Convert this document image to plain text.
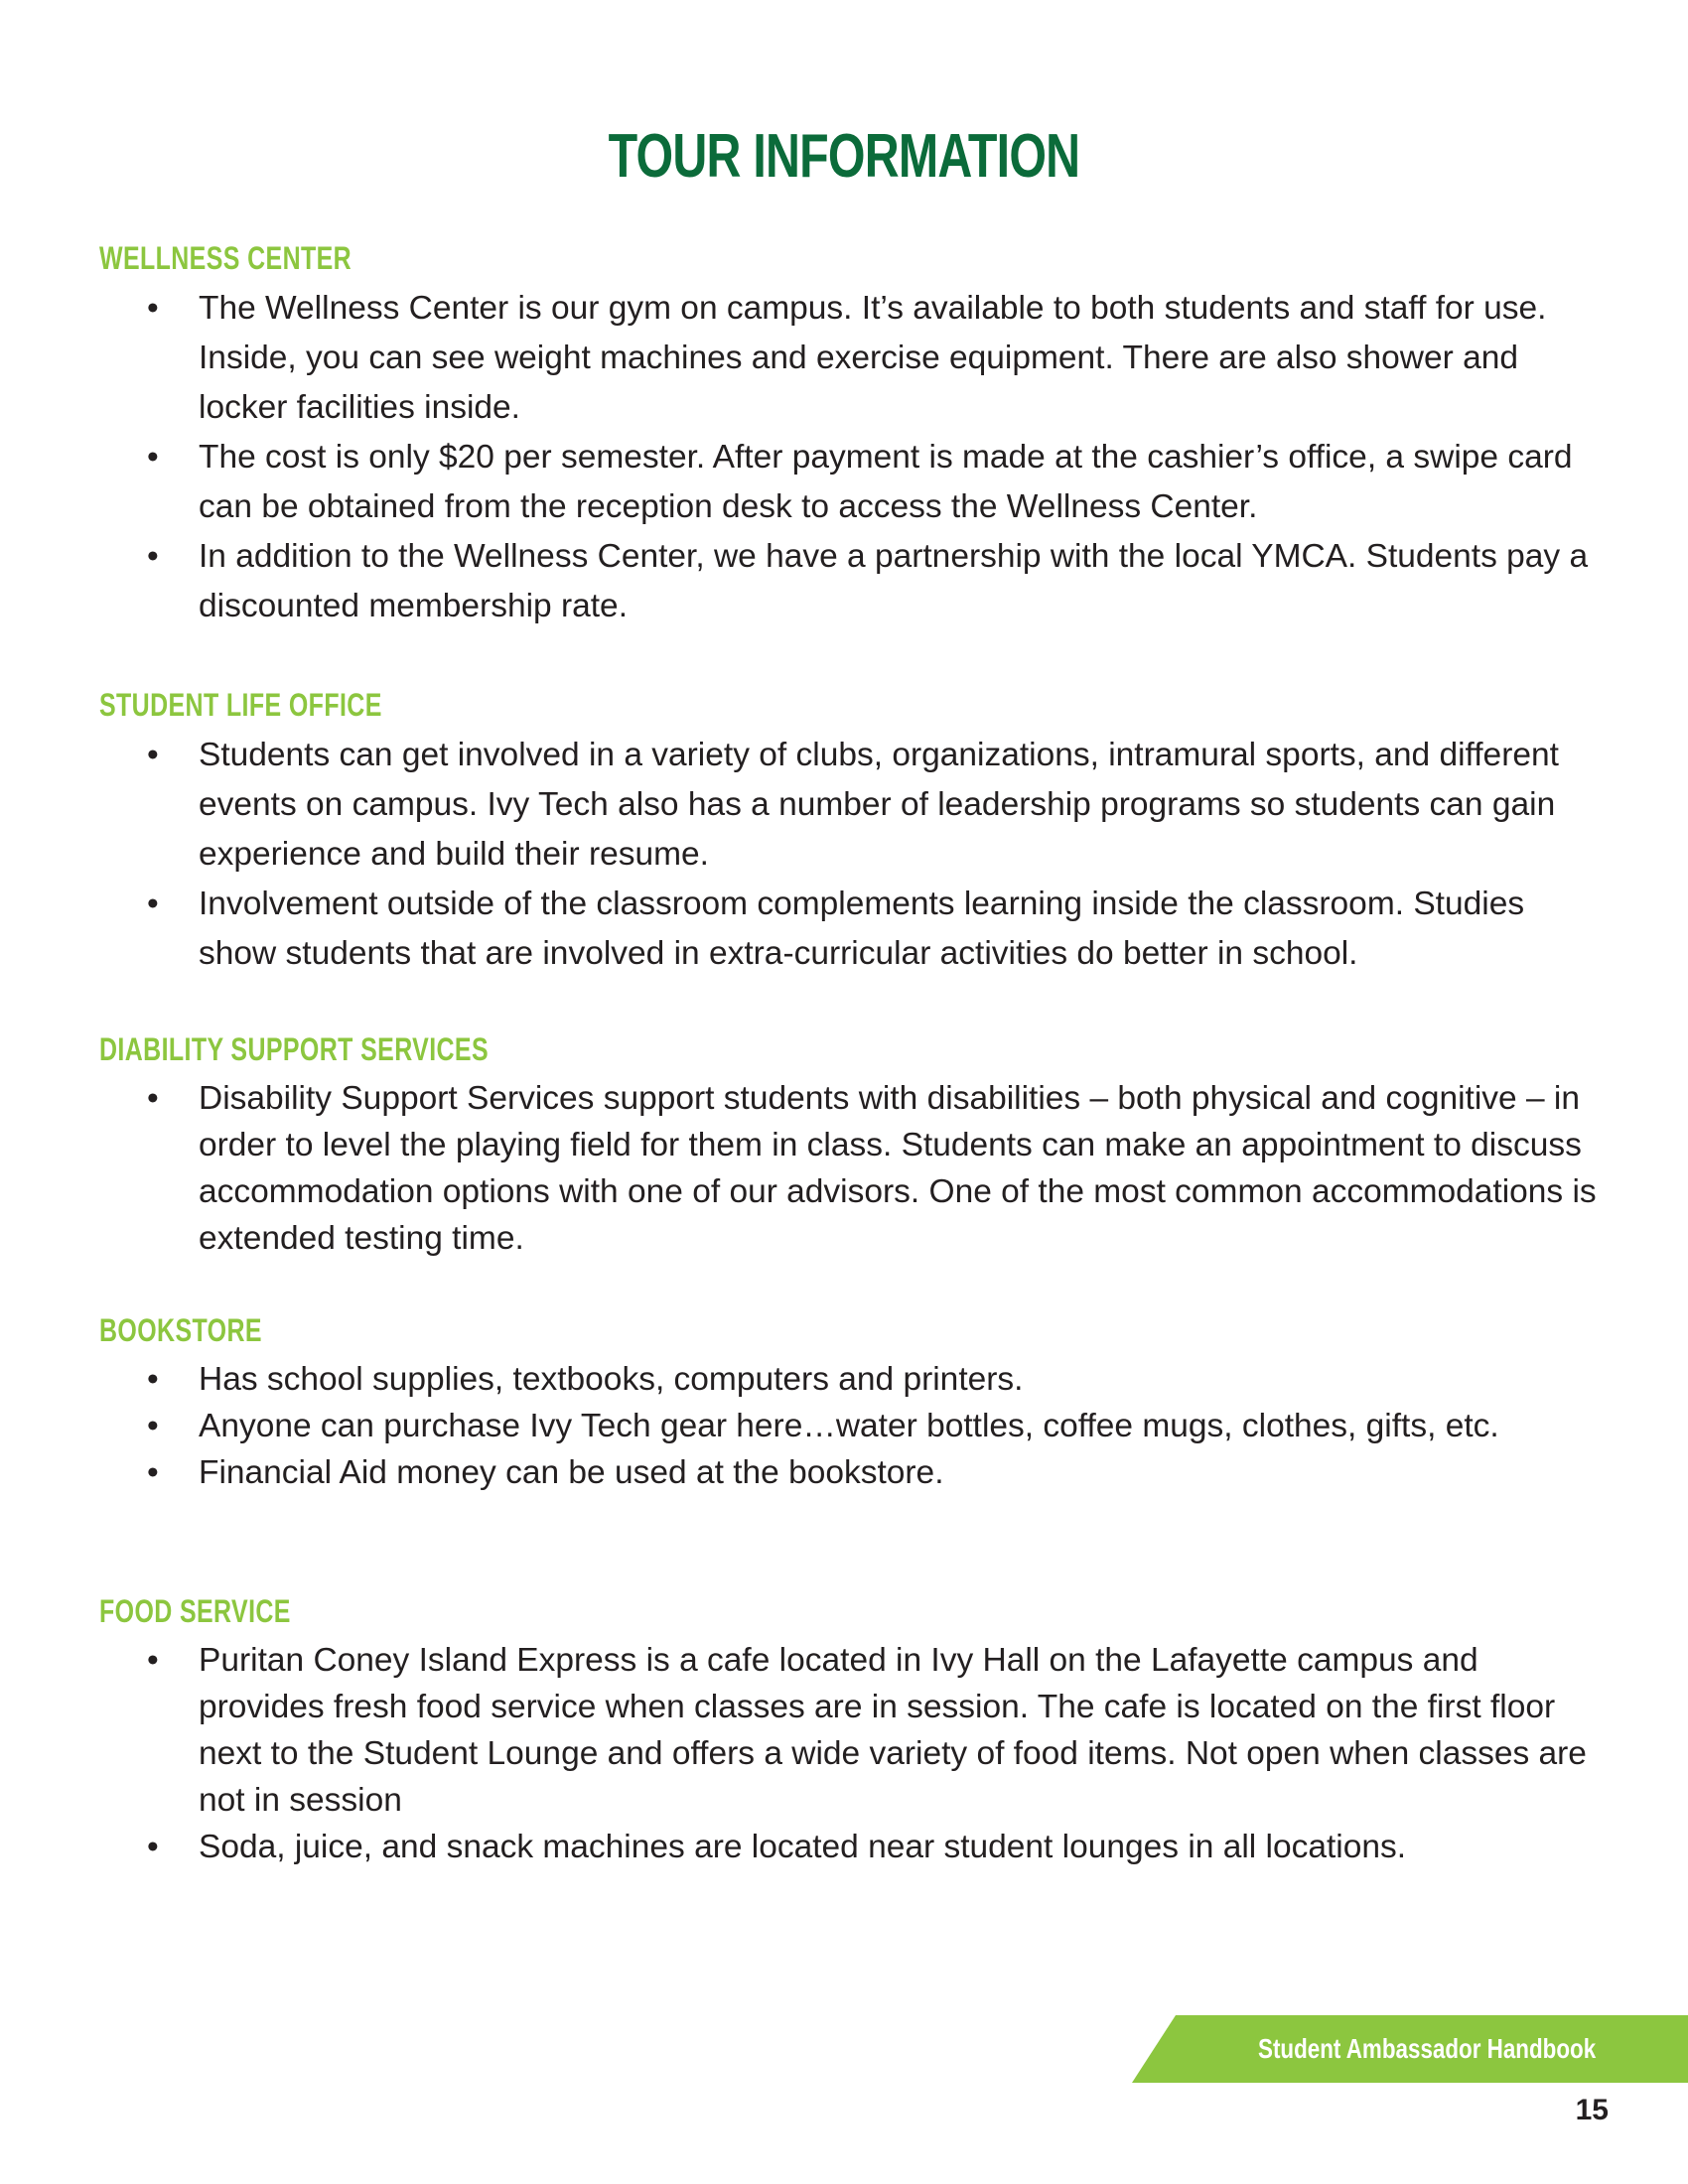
TOUR INFORMATION
WELLNESS CENTER
• The Wellness Center is our gym on campus. It’s available to both students and staff for use. Inside, you can see weight machines and exercise equipment. There are also shower and locker facilities inside.
• The cost is only $20 per semester. After payment is made at the cashier’s office, a swipe card can be obtained from the reception desk to access the Wellness Center.
• In addition to the Wellness Center, we have a partnership with the local YMCA. Students pay a discounted membership rate.
STUDENT LIFE OFFICE
• Students can get involved in a variety of clubs, organizations, intramural sports, and different events on campus. Ivy Tech also has a number of leadership programs so students can gain experience and build their resume.
• Involvement outside of the classroom complements learning inside the classroom. Studies show students that are involved in extra-curricular activities do better in school.
DIABILITY SUPPORT SERVICES
• Disability Support Services support students with disabilities – both physical and cognitive – in order to level the playing field for them in class. Students can make an appointment to discuss accommodation options with one of our advisors. One of the most common accommodations is extended testing time.
BOOKSTORE
• Has school supplies, textbooks, computers and printers.
• Anyone can purchase Ivy Tech gear here…water bottles, coffee mugs, clothes, gifts, etc.
• Financial Aid money can be used at the bookstore.
FOOD SERVICE
• Puritan Coney Island Express is a cafe located in Ivy Hall on the Lafayette campus and provides fresh food service when classes are in session. The cafe is located on the first floor next to the Student Lounge and offers a wide variety of food items. Not open when classes are not in session
• Soda, juice, and snack machines are located near student lounges in all locations.
Student Ambassador Handbook
15
